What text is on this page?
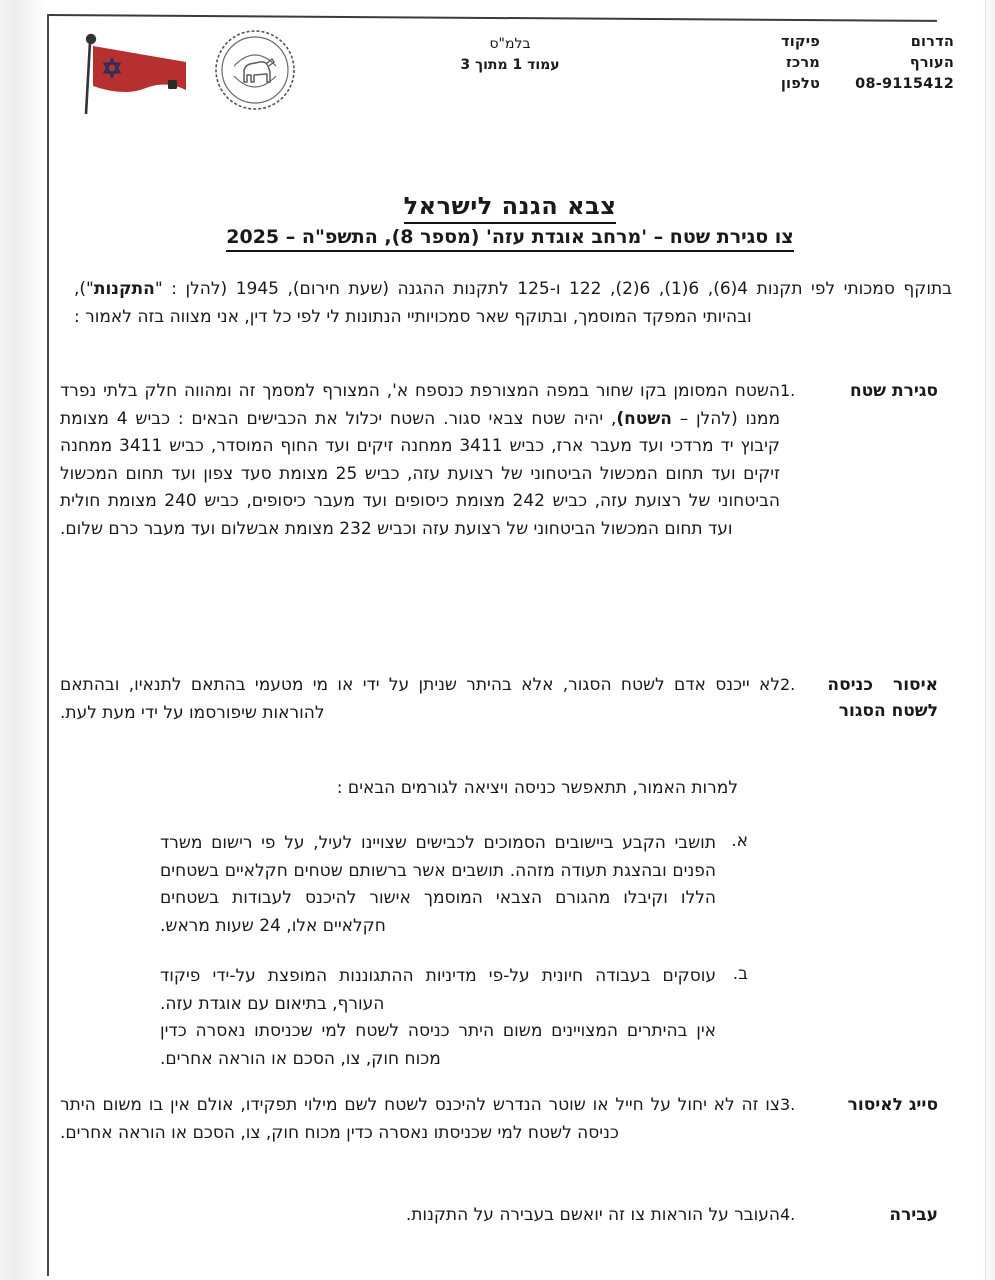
הדרום
העורף
08-9115412
פיקוד
מרכז
טלפון
בלמ"ס
עמוד 1 מתוך 3
צבא הגנה לישראל
צו סגירת שטח – 'מרחב אוגדת עזה' (מספר 8), התשפ"ה – 2025
בתוקף סמכותי לפי תקנות 4(6), 6(1), 6(2), 122 ו-125 לתקנות ההגנה (שעת חירום), 1945 (להלן : "התקנות"), ובהיותי המפקד המוסמך, ובתוקף שאר סמכויותיי הנתונות לי לפי כל דין, אני מצווה בזה לאמור :
סגירת שטח
1.
השטח המסומן בקו שחור במפה המצורפת כנספח א', המצורף למסמך זה ומהווה חלק בלתי נפרד ממנו (להלן – השטח), יהיה שטח צבאי סגור. השטח יכלול את הכבישים הבאים : כביש 4 מצומת קיבוץ יד מרדכי ועד מעבר ארז, כביש 3411 ממחנה זיקים ועד החוף המוסדר, כביש 3411 ממחנה זיקים ועד תחום המכשול הביטחוני של רצועת עזה, כביש 25 מצומת סעד צפון ועד תחום המכשול הביטחוני של רצועת עזה, כביש 242 מצומת כיסופים ועד מעבר כיסופים, כביש 240 מצומת חולית ועד תחום המכשול הביטחוני של רצועת עזה וכביש 232 מצומת אבשלום ועד מעבר כרם שלום.
איסורכניסה
לשטח הסגור
2.
לא ייכנס אדם לשטח הסגור, אלא בהיתר שניתן על ידי או מי מטעמי בהתאם לתנאיו, ובהתאם להוראות שיפורסמו על ידי מעת לעת.
למרות האמור, תתאפשר כניסה ויציאה לגורמים הבאים :
א.
תושבי הקבע ביישובים הסמוכים לכבישים שצויינו לעיל, על פי רישום משרד הפנים ובהצגת תעודה מזהה. תושבים אשר ברשותם שטחים חקלאיים בשטחים הללו וקיבלו מהגורם הצבאי המוסמך אישור להיכנס לעבודות בשטחים חקלאיים אלו, 24 שעות מראש.
ב.
עוסקים בעבודה חיונית על-פי מדיניות ההתגוננות המופצת על-ידי פיקוד העורף, בתיאום עם אוגדת עזה.
אין בהיתרים המצויינים משום היתר כניסה לשטח למי שכניסתו נאסרה כדין מכוח חוק, צו, הסכם או הוראה אחרים.
סייג לאיסור
3.
צו זה לא יחול על חייל או שוטר הנדרש להיכנס לשטח לשם מילוי תפקידו, אולם אין בו משום היתר כניסה לשטח למי שכניסתו נאסרה כדין מכוח חוק, צו, הסכם או הוראה אחרים.
עבירה
4.
העובר על הוראות צו זה יואשם בעבירה על התקנות.
